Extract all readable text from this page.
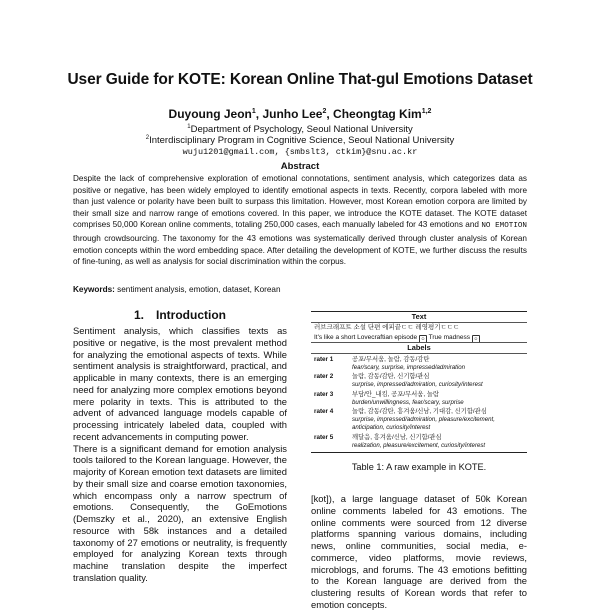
User Guide for KOTE: Korean Online That-gul Emotions Dataset
Duyoung Jeon$^1$, Junho Lee$^2$, Cheongtag Kim$^{1,2}$
$^1$Department of Psychology, Seoul National University
$^2$Interdisciplinary Program in Cognitive Science, Seoul National University
wuju1201@gmail.com, {smbslt3, ctkim}@snu.ac.kr
Abstract
Despite the lack of comprehensive exploration of emotional connotations, sentiment analysis, which categorizes data as positive or negative, has been widely employed to identify emotional aspects in texts. Recently, corpora labeled with more than just valence or polarity have been built to surpass this limitation. However, most Korean emotion corpora are limited by their small size and narrow range of emotions covered. In this paper, we introduce the KOTE dataset. The KOTE dataset comprises 50,000 Korean online comments, totaling 250,000 cases, each manually labeled for 43 emotions and NO EMOTION through crowdsourcing. The taxonomy for the 43 emotions was systematically derived through cluster analysis of Korean emotion concepts within the word embedding space. After detailing the development of KOTE, we further discuss the results of fine-tuning, as well as analysis for social discrimination within the corpus.
Keywords: sentiment analysis, emotion, dataset, Korean
1. Introduction

Sentiment analysis, which classifies texts as positive or negative, is the most prevalent method for analyzing the emotional aspects of texts. While sentiment analysis is straightforward, practical, and applicable in many contexts, there is an emerging need for analyzing more complex emotions beyond mere polarity in texts. This is attributed to the advent of advanced language models capable of processing intricately labeled data, coupled with recent advancements in computing power.

There is a significant demand for emotion analysis tools tailored to the Korean language. However, the majority of Korean emotion text datasets are limited by their small size and coarse emotion taxonomies, which encompass only a narrow spectrum of emotions. Consequently, the GoEmotions (Demszky et al., 2020), an extensive English resource with 58k instances and a detailed taxonomy of 27 emotions or neutrality, is frequently employed for analyzing Korean texts through machine translation despite the imperfect translation quality.

Text
러브크래프트 소설 단편 에피끝ㄷㄷ 레영평기ㄷㄷㄷ
It's like a short Lovecraftian episode ☺ True madness ☺
Labels
rater 1	공포/무서움, 놀람, 감동/감탄
fear/scary, surprise, impressed/admiration
rater 2	놀람, 감동/감탄, 신기함/관심
surprise, impressed/admiration, curiosity/interest
rater 3	부담/안_내킴, 공포/무서움, 놀람
burden/unwillingness, fear/scary, surprise
rater 4	놀람, 감동/감탄, 흥겨움/신남, 기대감, 신기함/관심
surprise, impressed/admiration, pleasure/excitement, anticipation, curiosity/interest
rater 5	깨달음, 흥겨움/신남, 신기함/관심
realization, pleasure/excitement, curiosity/interest
Table 1: A raw example in KOTE.

[kot]), a large language dataset of 50k Korean online comments labeled for 43 emotions. The online comments were sourced from 12 diverse platforms spanning various domains, including news, online communities, social media, e-commerce, video platforms, movie reviews, microblogs, and forums. The 43 emotions befitting to the Korean language are derived from the clustering results of Korean words that refer to emotion concepts.
